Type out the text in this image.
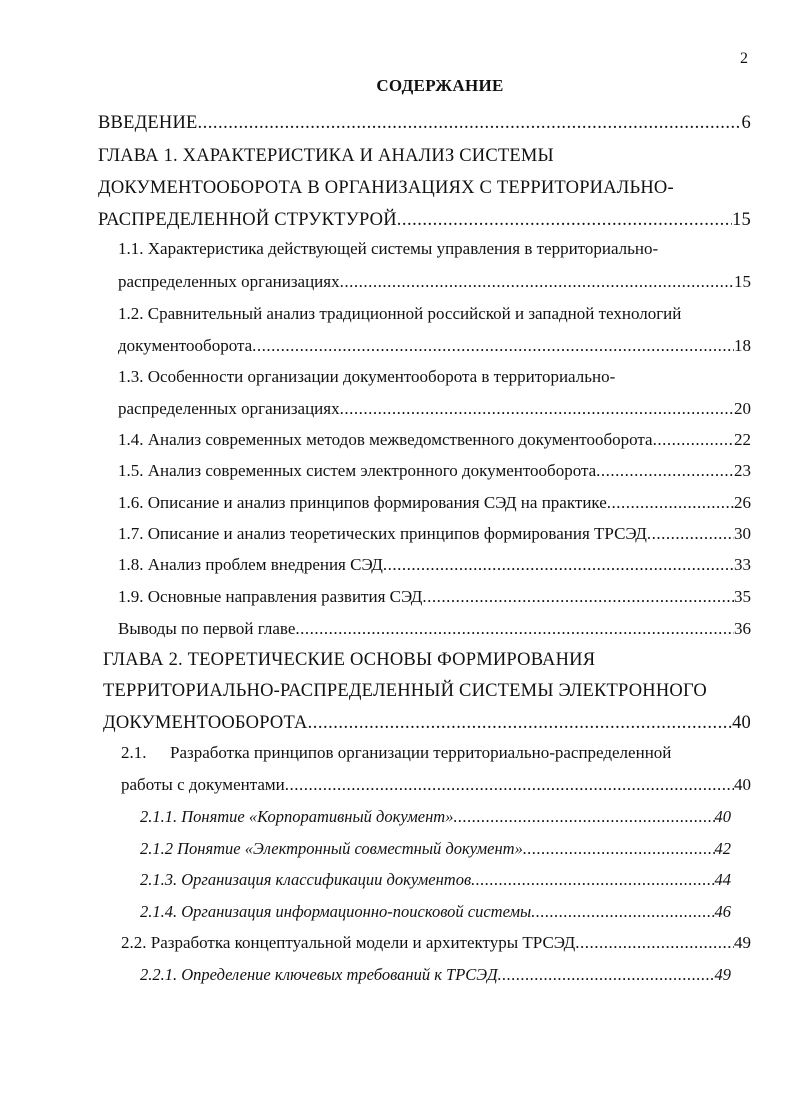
2
СОДЕРЖАНИЕ
ВВЕДЕНИЕ .....	6
ГЛАВА 1. ХАРАКТЕРИСТИКА И АНАЛИЗ СИСТЕМЫ
ДОКУМЕНТООБОРОТА В ОРГАНИЗАЦИЯХ С ТЕРРИТОРИАЛЬНО-
РАСПРЕДЕЛЕННОЙ СТРУКТУРОЙ .....	15
1.1. Характеристика действующей системы управления в территориально-
распределенных организациях .....	15
1.2. Сравнительный анализ традиционной российской и западной технологий
документооборота .....	18
1.3. Особенности организации документооборота в территориально-
распределенных организациях .....	20
1.4. Анализ современных методов межведомственного документооборота .....	22
1.5. Анализ современных систем электронного документооборота .....	23
1.6. Описание и анализ принципов формирования СЭД на практике .....	26
1.7. Описание и анализ теоретических принципов формирования ТРСЭД .....	30
1.8. Анализ проблем внедрения СЭД .....	33
1.9. Основные направления развития СЭД .....	35
Выводы по первой главе .....	36
ГЛАВА 2. ТЕОРЕТИЧЕСКИЕ ОСНОВЫ ФОРМИРОВАНИЯ
ТЕРРИТОРИАЛЬНО-РАСПРЕДЕЛЕННЫЙ СИСТЕМЫ ЭЛЕКТРОННОГО
ДОКУМЕНТООБОРОТА .....	40
2.1. Разработка принципов организации территориально-распределенной
работы с документами .....	40
2.1.1. Понятие «Корпоративный документ» .....	40
2.1.2 Понятие «Электронный совместный документ» .....	42
2.1.3. Организация классификации документов .....	44
2.1.4. Организация информационно-поисковой системы .....	46
2.2. Разработка концептуальной модели и архитектуры ТРСЭД .....	49
2.2.1. Определение ключевых требований к ТРСЭД .....	49
